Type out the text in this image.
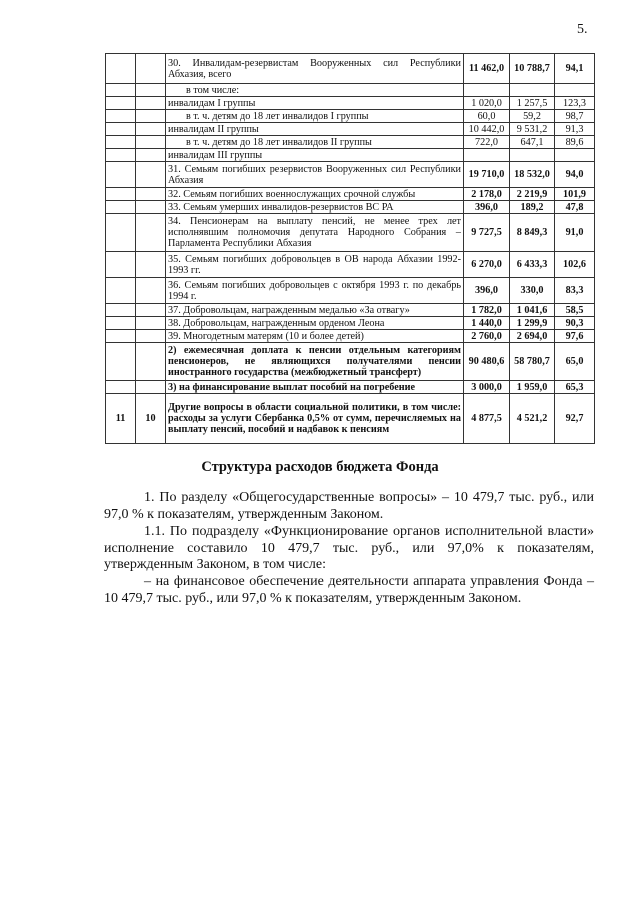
5.
		30. Инвалидам-резервистам Вооруженных сил Республики Абхазия, всего	11 462,0	10 788,7	94,1
		в том числе:			
		инвалидам I группы	1 020,0	1 257,5	123,3
		в т. ч. детям до 18 лет инвалидов I группы	60,0	59,2	98,7
		инвалидам II группы	10 442,0	9 531,2	91,3
		в т. ч. детям до 18 лет инвалидов II группы	722,0	647,1	89,6
		инвалидам III группы			
		31. Семьям погибших резервистов Вооруженных сил Республики Абхазия	19 710,0	18 532,0	94,0
		32. Семьям погибших военнослужащих срочной службы	2 178,0	2 219,9	101,9
		33. Семьям умерших инвалидов-резервистов ВС РА	396,0	189,2	47,8
		34. Пенсионерам на выплату пенсий, не менее трех лет исполнявшим полномочия депутата Народного Собрания – Парламента Республики Абхазия	9 727,5	8 849,3	91,0
		35. Семьям погибших добровольцев в ОВ народа Абхазии 1992-1993 гг.	6 270,0	6 433,3	102,6
		36. Семьям погибших добровольцев с октября 1993 г. по декабрь 1994 г.	396,0	330,0	83,3
		37. Добровольцам, награжденным медалью «За отвагу»	1 782,0	1 041,6	58,5
		38. Добровольцам, награжденным орденом Леона	1 440,0	1 299,9	90,3
		39. Многодетным матерям (10 и более детей)	2 760,0	2 694,0	97,6
		2) ежемесячная доплата к пенсии отдельным категориям пенсионеров, не являющихся получателями пенсии иностранного государства (межбюджетный трансферт)	90 480,6	58 780,7	65,0
		3) на финансирование выплат пособий на погребение	3 000,0	1 959,0	65,3
11	10	Другие вопросы в области социальной политики, в том числе: расходы за услуги Сбербанка 0,5% от сумм, перечисляемых на выплату пенсий, пособий и надбавок к пенсиям	4 877,5	4 521,2	92,7
Структура расходов бюджета Фонда
1. По разделу «Общегосударственные вопросы» – 10 479,7 тыс. руб., или 97,0 % к показателям, утвержденным Законом.
1.1. По подразделу «Функционирование органов исполнительной власти» исполнение составило 10 479,7 тыс. руб., или 97,0% к показателям, утвержденным Законом, в том числе:
– на финансовое обеспечение деятельности аппарата управления Фонда – 10 479,7 тыс. руб., или 97,0 % к показателям, утвержденным Законом.
